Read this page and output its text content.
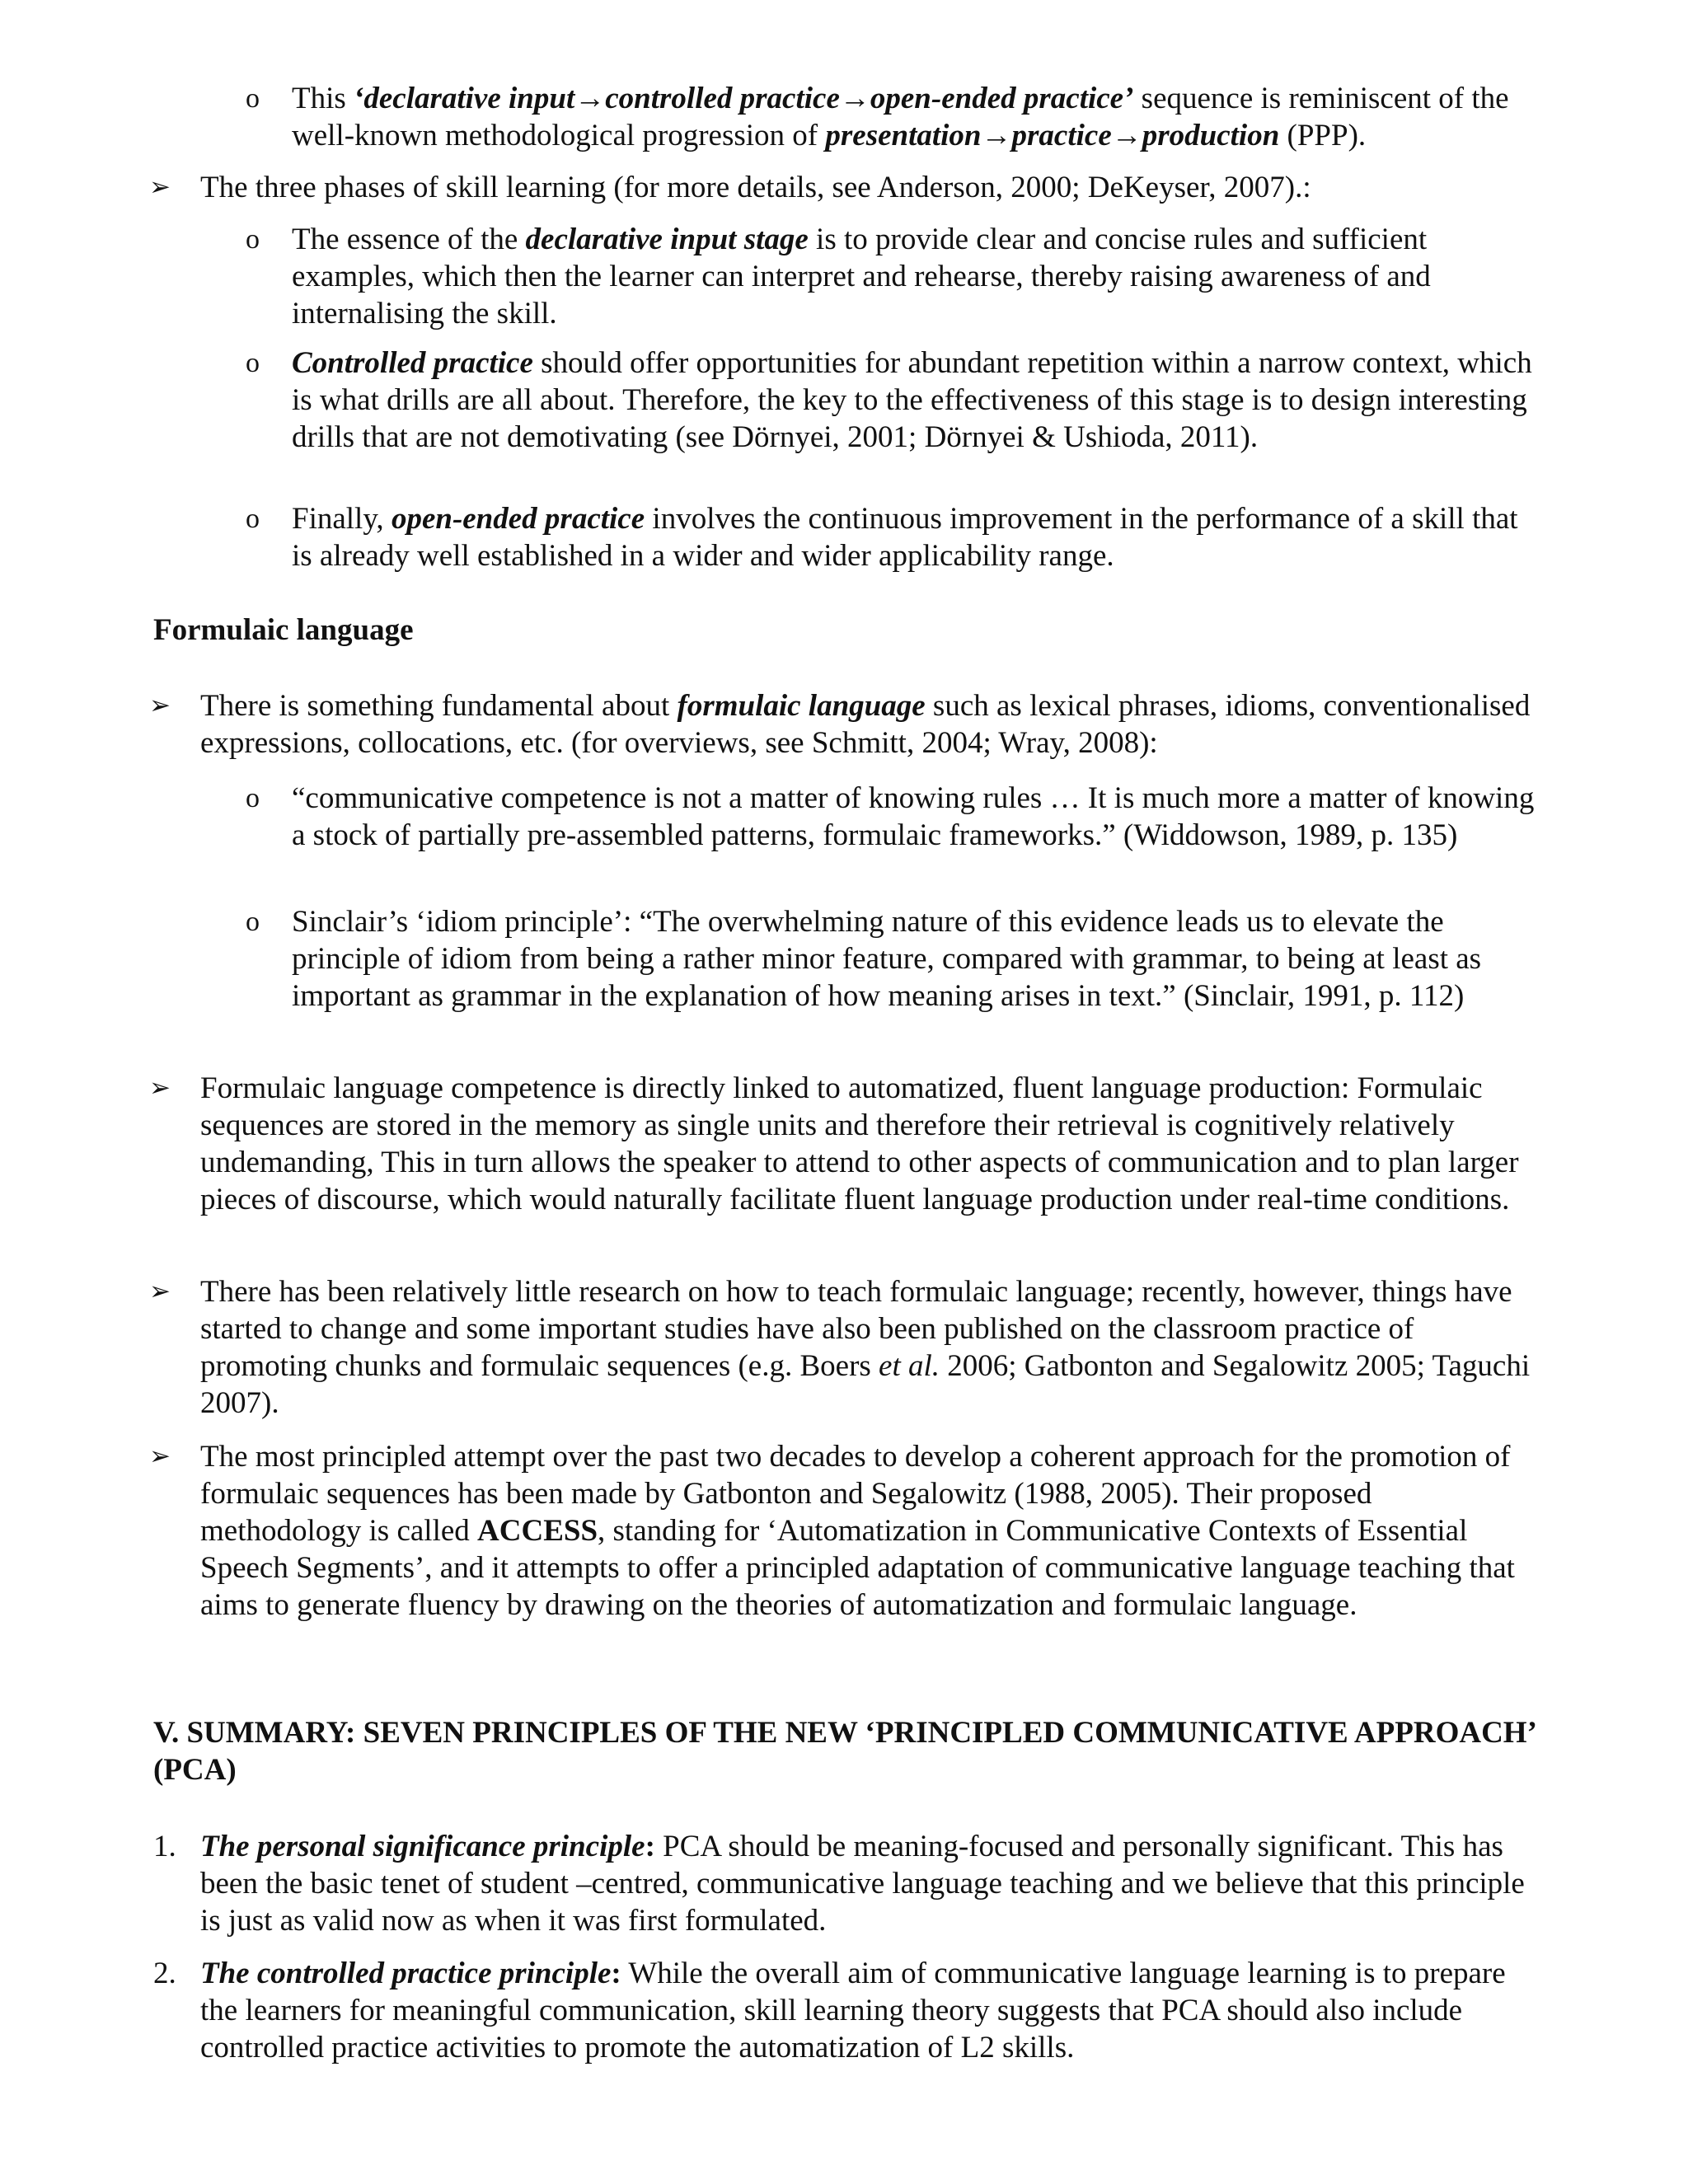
o This ‘declarative input→controlled practice→open-ended practice’ sequence is reminiscent of the well-known methodological progression of presentation→practice→production (PPP).
➢ The three phases of skill learning (for more details, see Anderson, 2000; DeKeyser, 2007).:
o The essence of the declarative input stage is to provide clear and concise rules and sufficient examples, which then the learner can interpret and rehearse, thereby raising awareness of and internalising the skill.
o Controlled practice should offer opportunities for abundant repetition within a narrow context, which is what drills are all about. Therefore, the key to the effectiveness of this stage is to design interesting drills that are not demotivating (see Dörnyei, 2001; Dörnyei & Ushioda, 2011).
o Finally, open-ended practice involves the continuous improvement in the performance of a skill that is already well established in a wider and wider applicability range.
Formulaic language
➢ There is something fundamental about formulaic language such as lexical phrases, idioms, conventionalised expressions, collocations, etc. (for overviews, see Schmitt, 2004; Wray, 2008):
o “communicative competence is not a matter of knowing rules … It is much more a matter of knowing a stock of partially pre-assembled patterns, formulaic frameworks.” (Widdowson, 1989, p. 135)
o Sinclair’s ‘idiom principle’: “The overwhelming nature of this evidence leads us to elevate the principle of idiom from being a rather minor feature, compared with grammar, to being at least as important as grammar in the explanation of how meaning arises in text.” (Sinclair, 1991, p. 112)
➢ Formulaic language competence is directly linked to automatized, fluent language production: Formulaic sequences are stored in the memory as single units and therefore their retrieval is cognitively relatively undemanding, This in turn allows the speaker to attend to other aspects of communication and to plan larger pieces of discourse, which would naturally facilitate fluent language production under real-time conditions.
➢ There has been relatively little research on how to teach formulaic language; recently, however, things have started to change and some important studies have also been published on the classroom practice of promoting chunks and formulaic sequences (e.g. Boers et al. 2006; Gatbonton and Segalowitz 2005; Taguchi 2007).
➢ The most principled attempt over the past two decades to develop a coherent approach for the promotion of formulaic sequences has been made by Gatbonton and Segalowitz (1988, 2005). Their proposed methodology is called ACCESS, standing for ‘Automatization in Communicative Contexts of Essential Speech Segments’, and it attempts to offer a principled adaptation of communicative language teaching that aims to generate fluency by drawing on the theories of automatization and formulaic language.
V. SUMMARY: SEVEN PRINCIPLES OF THE NEW ‘PRINCIPLED COMMUNICATIVE APPROACH’ (PCA)
1. The personal significance principle: PCA should be meaning-focused and personally significant. This has been the basic tenet of student –centred, communicative language teaching and we believe that this principle is just as valid now as when it was first formulated.
2. The controlled practice principle: While the overall aim of communicative language learning is to prepare the learners for meaningful communication, skill learning theory suggests that PCA should also include controlled practice activities to promote the automatization of L2 skills.
